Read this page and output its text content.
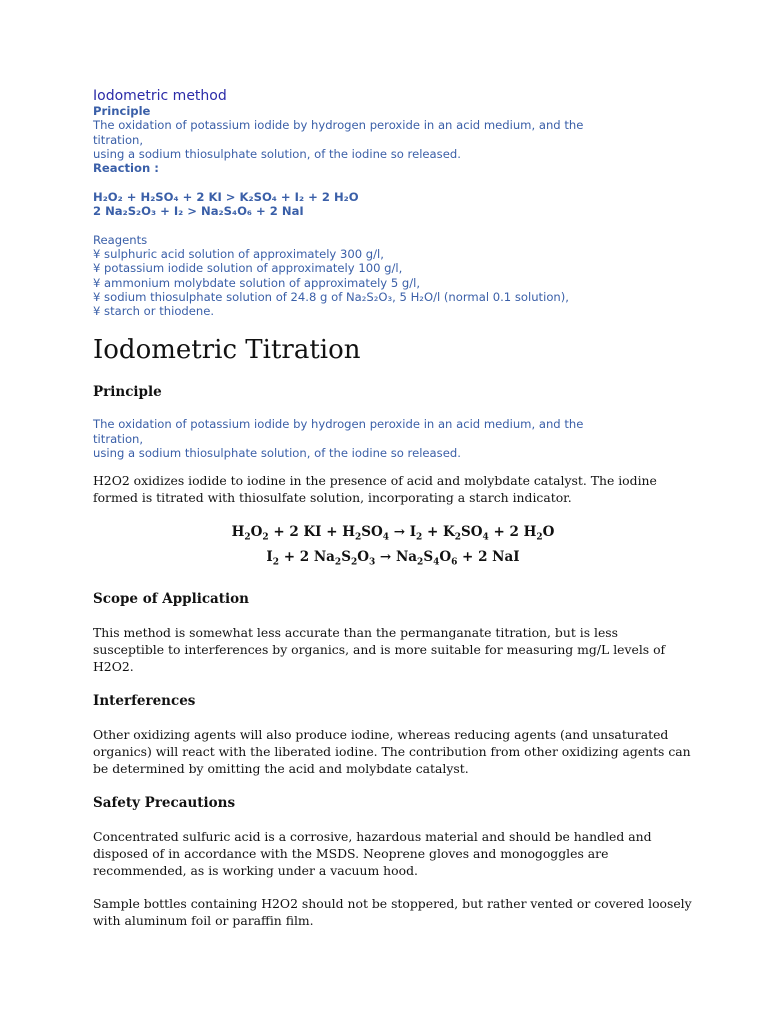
Iodometric method
Principle
The oxidation of potassium iodide by hydrogen peroxide in an acid medium, and the
titration,
using a sodium thiosulphate solution, of the iodine so released.
Reaction :
H₂O₂ + H₂SO₄ + 2 KI > K₂SO₄ + I₂ + 2 H₂O
2 Na₂S₂O₃ + I₂ > Na₂S₄O₆ + 2 NaI
Reagents
¥ sulphuric acid solution of approximately 300 g/l,
¥ potassium iodide solution of approximately 100 g/l,
¥ ammonium molybdate solution of approximately 5 g/l,
¥ sodium thiosulphate solution of 24.8 g of Na₂S₂O₃, 5 H₂O/l (normal 0.1 solution),
¥ starch or thiodene.
Iodometric Titration
Principle
The oxidation of potassium iodide by hydrogen peroxide in an acid medium, and the
titration,
using a sodium thiosulphate solution, of the iodine so released.

H2O2 oxidizes iodide to iodine in the presence of acid and molybdate catalyst. The iodine formed is titrated with thiosulfate solution, incorporating a starch indicator.

$H_2O_2 + 2$ KI + $H_2SO_4 \to I_2 + K_2SO_4 + 2$ $H_2O$
$I_2 + 2$ $Na_2S_2O_3 \to Na_2S_4O_6 + 2$ NaI
Scope of Application

This method is somewhat less accurate than the permanganate titration, but is less susceptible to interferences by organics, and is more suitable for measuring mg/L levels of H2O2.

Interferences

Other oxidizing agents will also produce iodine, whereas reducing agents (and unsaturated organics) will react with the liberated iodine. The contribution from other oxidizing agents can be determined by omitting the acid and molybdate catalyst.

Safety Precautions

Concentrated sulfuric acid is a corrosive, hazardous material and should be handled and disposed of in accordance with the MSDS. Neoprene gloves and monogoggles are recommended, as is working under a vacuum hood.

Sample bottles containing H2O2 should not be stoppered, but rather vented or covered loosely with aluminum foil or paraffin film.
